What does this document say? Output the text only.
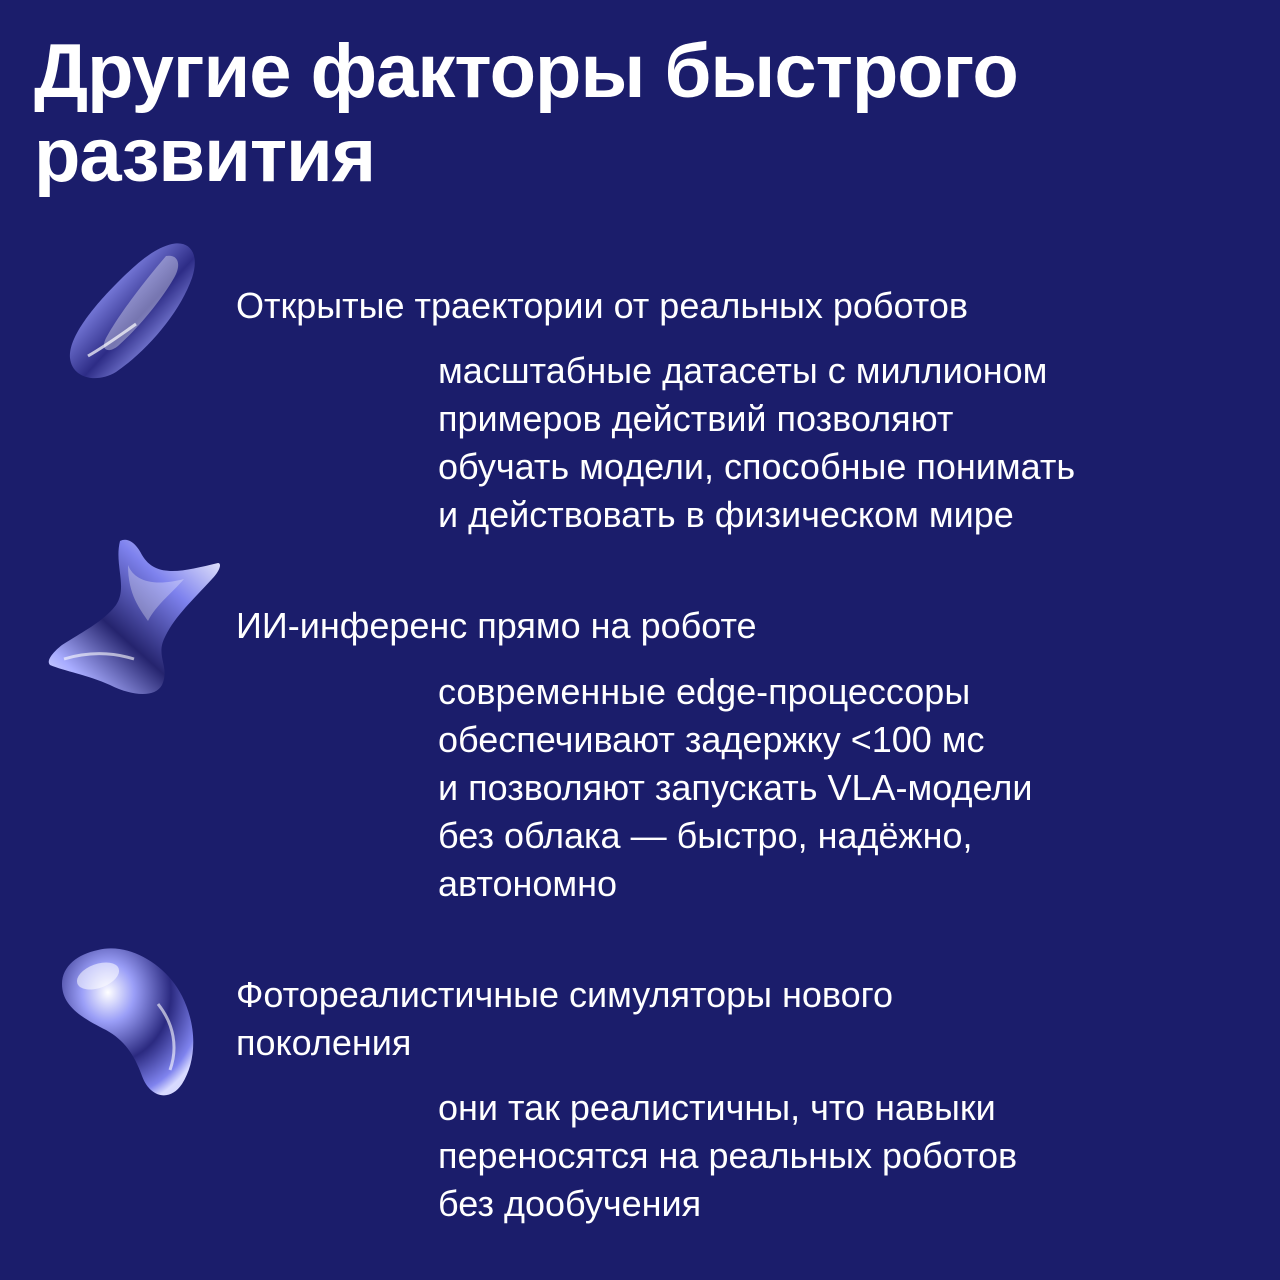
Другие факторы быстрого
развития

Открытые траектории от реальных роботов

масштабные датасеты с миллионом
примеров действий позволяют
обучать модели, способные понимать
и действовать в физическом мире

ИИ-инференс прямо на роботе

современные edge-процессоры
обеспечивают задержку <100 мс
и позволяют запускать VLA-модели
без облака — быстро, надёжно,
автономно

Фотореалистичные симуляторы нового
поколения

они так реалистичны, что навыки
переносятся на реальных роботов
без дообучения
